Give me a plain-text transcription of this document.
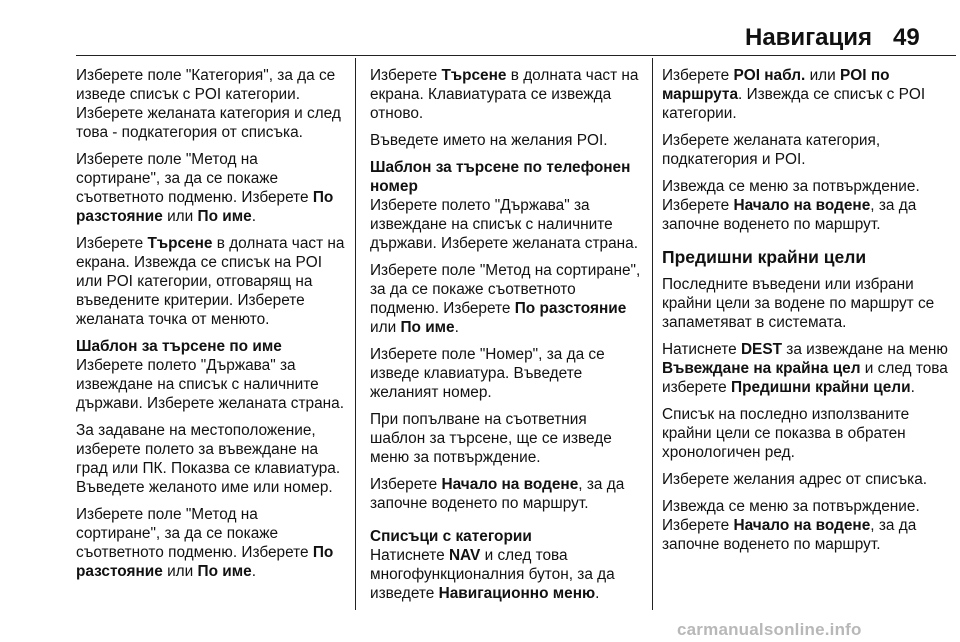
Навигация 49

Изберете поле "Категория", за да се изведе списък с POI категории. Изберете желаната категория и след това - подкатегория от списъка.

Изберете поле "Метод на сортиране", за да се покаже съответното подменю. Изберете По разстояние или По име.

Изберете Търсене в долната част на екрана. Извежда се списък на POI или POI категории, отговарящ на въведените критерии. Изберете желаната точка от менюто.

Шаблон за търсене по име

Изберете полето "Държава" за извеждане на списък с наличните държави. Изберете желаната страна.

За задаване на местоположение, изберете полето за въвеждане на град или ПК. Показва се клавиатура. Въведете желаното име или номер.

Изберете поле "Метод на сортиране", за да се покаже съответното подменю. Изберете По разстояние или По име.

Изберете Търсене в долната част на екрана. Клавиатурата се извежда отново.

Въведете името на желания POI.

Шаблон за търсене по телефонен номер

Изберете полето "Държава" за извеждане на списък с наличните държави. Изберете желаната страна.

Изберете поле "Метод на сортиране", за да се покаже съответното подменю. Изберете По разстояние или По име.

Изберете поле "Номер", за да се изведе клавиатура. Въведете желаният номер.

При попълване на съответния шаблон за търсене, ще се изведе меню за потвърждение.

Изберете Начало на водене, за да започне воденето по маршрут.

Списъци с категории

Натиснете NAV и след това многофункционалния бутон, за да изведете Навигационно меню.

Изберете POI набл. или POI по маршрута. Извежда се списък с POI категории.

Изберете желаната категория, подкатегория и POI.

Извежда се меню за потвърждение. Изберете Начало на водене, за да започне воденето по маршрут.

Предишни крайни цели

Последните въведени или избрани крайни цели за водене по маршрут се запаметяват в системата.

Натиснете DEST за извеждане на меню Въвеждане на крайна цел и след това изберете Предишни крайни цели.

Списък на последно използваните крайни цели се показва в обратен хронологичен ред.

Изберете желания адрес от списъка.

Извежда се меню за потвърждение. Изберете Начало на водене, за да започне воденето по маршрут.

carmanualsonline.info
